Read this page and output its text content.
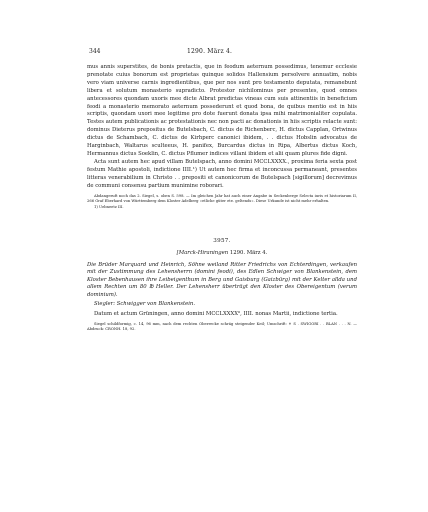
344	1290. März 4.

mus annis superstites, de bonis pretactis, que in feodum aeternum possedimus, tenemur ecclesie prenotate cuius bonorum est proprietas quinque solidos Hallensium persolvere annuatim, nobis vero viam universe carnis ingredientibus, que per nos sunt pro testamento deputata, remanebunt libera et solutum monasterio supradicto. Protestor nichilominus per presentes, quod omnes antecessores quondam uxoris mee dicte Albrat predictas vineas cum suis attinentiis in beneficium feodi a monasterio memorato aeternum possederunt et quod bona, de quibus mentio est in hiis scriptis, quondam uxori mee legitime pro dote fuerunt donata ipsa mihi matrimonialiter copulata. Testes autem publicationis ac protestationis nec non pacti ac donationis in hiis scriptis relacte sunt: dominus Dieterus prepositus de Butelsbach, C. dictus de Richenberc, H. dictus Capplan, Ortwinus dictus de Schambach, C. dictus de Kirhperc canonici ibidem, . . dictus Hobslin advocatus de Harginbach, Waltarus sculteeus, H. panifex, Burcardus dictus in Ripa, Albertus dictus Koch, Hermannus dictus Soeklin, C. dictus Pflumer indices villani ibidem et alii quam plures fide digni.

Acta sunt autem hec apud villam Butelspach, anno domini MCCLXXXX., proxima feria sexta post festum Mathie apostoli, indictione IIII.¹) Ut autem hec firma et inconcussa permaneant, presentes litteras venerabilium in Christo . . prepositi et canonicorum de Butelspach [sigillorum] decrevimus de communi consensu partium munimine roborari.

Abdangeruft noch das 2. Siegel, s. oben S. 598. — Im gleichen Jahr hat auch einer Angabe in Seckenberge Selecta iuris et historiarum II, 266 Graf Eberhard von Württemberg dem Kloster Adelberg »etliche güter ete. geltends«. Diese Urkunde ist nicht mehr erhalten.

1) Uebneetz III.

3957.
[Marck-Hiraningen 1290. März 4.

Die Brüder Marquard und Heinrich, Söhne weiland Ritter Friedrichs von Echterdingen, verkaufen mit der Zustimmung des Lehensherrn (domini feodi), des Edlen Schwiger von Blankenstein, dem Kloster Bebenhausen ihre Leibeigenthum in Berg und Gaisburg (Gaizbürg) mit der Kelter allda und allem Rechten um 80 ℔ Heller. Der Lehensherr überträgt den Kloster des Obereigentum (verum dominium).

Siegler: Schwigger von Blankenstein.

Datum et actum Grüningen, anno domini MCCLXXXX⁰, IIII. nonas Martii, indictione tertia.

Siegel schildformig, c. 14, 96 mm, nach dem rechten Oberrecke schräg steigender Keil; Umschrift: ✝ S . SWIGORI . . BLAN . . . N. — Abdruck: CRONH. 18, 92.
